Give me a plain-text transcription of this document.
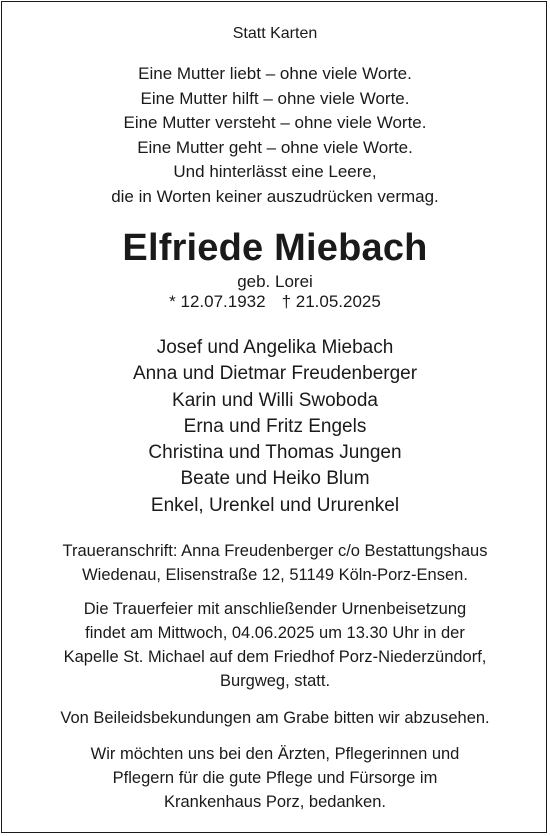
Statt Karten
Eine Mutter liebt – ohne viele Worte.
Eine Mutter hilft – ohne viele Worte.
Eine Mutter versteht – ohne viele Worte.
Eine Mutter geht – ohne viele Worte.
Und hinterlässt eine Leere,
die in Worten keiner auszudrücken vermag.
Elfriede Miebach
geb. Lorei
* 12.07.1932 † 21.05.2025
Josef und Angelika Miebach
Anna und Dietmar Freudenberger
Karin und Willi Swoboda
Erna und Fritz Engels
Christina und Thomas Jungen
Beate und Heiko Blum
Enkel, Urenkel und Ururenkel
Traueranschrift: Anna Freudenberger c/o Bestattungshaus
Wiedenau, Elisenstraße 12, 51149 Köln-Porz-Ensen.
Die Trauerfeier mit anschließender Urnenbeisetzung
findet am Mittwoch, 04.06.2025 um 13.30 Uhr in der
Kapelle St. Michael auf dem Friedhof Porz-Niederzündorf,
Burgweg, statt.
Von Beileidsbekundungen am Grabe bitten wir abzusehen.
Wir möchten uns bei den Ärzten, Pflegerinnen und
Pflegern für die gute Pflege und Fürsorge im
Krankenhaus Porz, bedanken.
